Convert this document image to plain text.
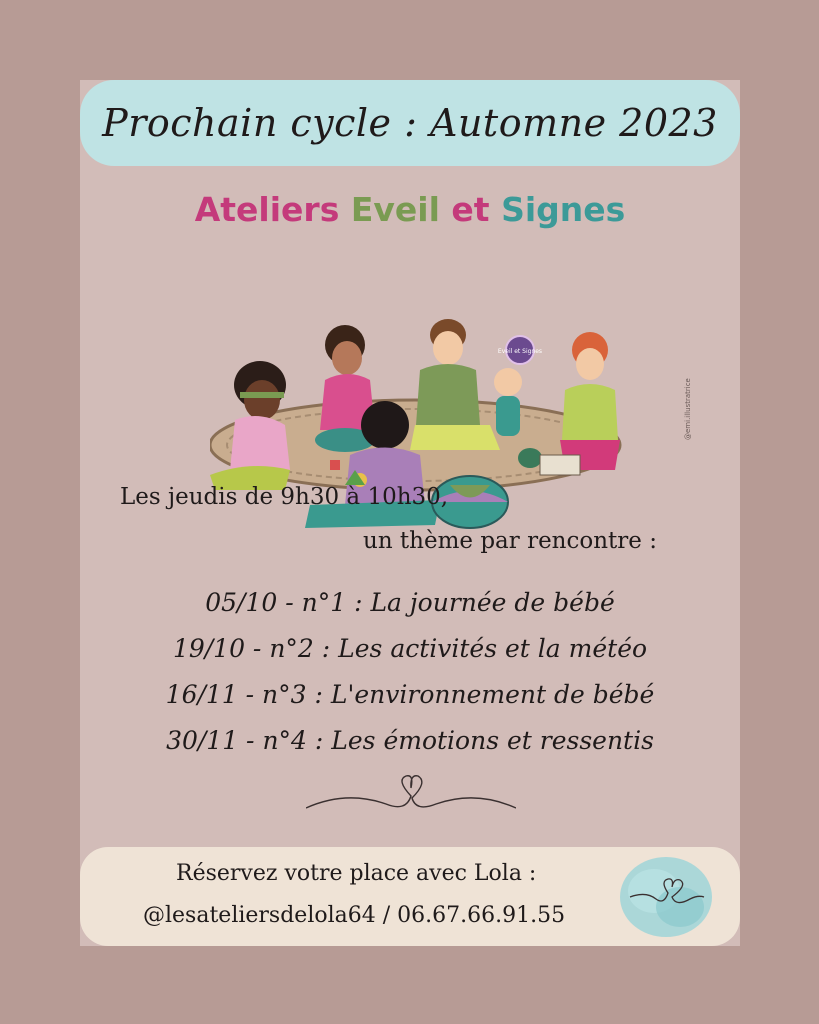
Prochain cycle : Automne 2023
Ateliers Eveil et Signes
Eveil et Signes
@emi.illustratrice
Les jeudis de 9h30 à 10h30,
un thème par rencontre :
05/10 - n°1 : La journée de bébé
19/10 - n°2 : Les activités et la météo
16/11 - n°3 : L'environnement de bébé
30/11 - n°4 : Les émotions et ressentis
Réservez votre place avec Lola :
@lesateliersdelola64 / 06.67.66.91.55
